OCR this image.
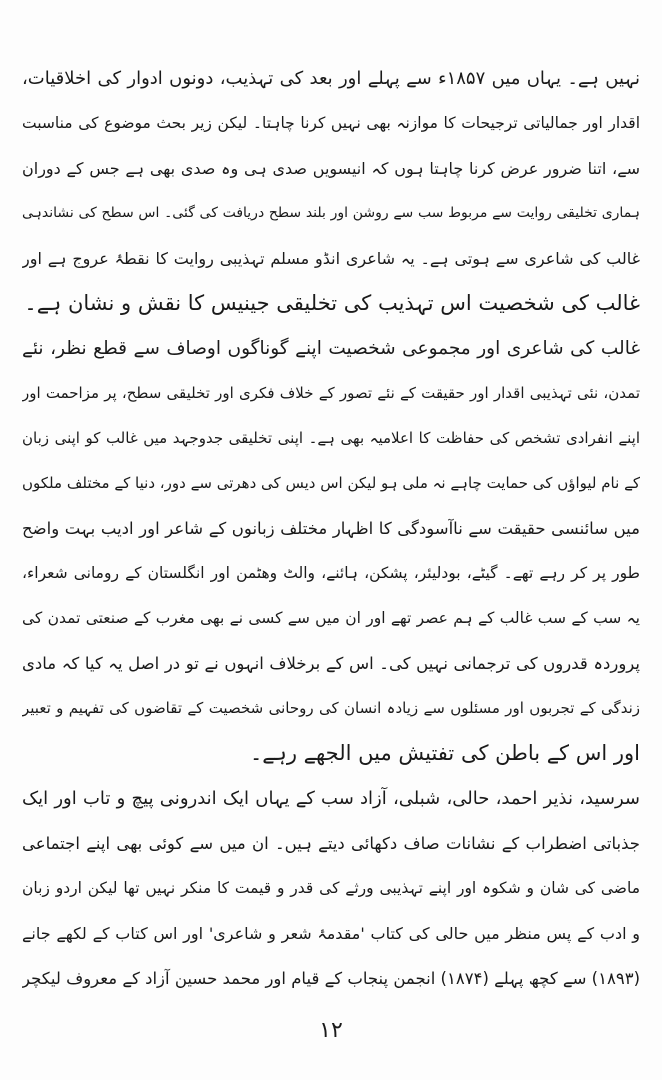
نہیں ہے۔ یہاں میں ۱۸۵۷ء سے پہلے اور بعد کی تہذیب، دونوں ادوار کی اخلاقیات،
اقدار اور جمالیاتی ترجیحات کا موازنہ بھی نہیں کرنا چاہتا۔ لیکن زیر بحث موضوع کی مناسبت
سے، اتنا ضرور عرض کرنا چاہتا ہوں کہ انیسویں صدی ہی وہ صدی بھی ہے جس کے دوران
ہماری تخلیقی روایت سے مربوط سب سے روشن اور بلند سطح دریافت کی گئی۔ اس سطح کی نشاندہی
غالب کی شاعری سے ہوتی ہے۔ یہ شاعری انڈو مسلم تہذیبی روایت کا نقطۂ عروج ہے اور
غالب کی شخصیت اس تہذیب کی تخلیقی جینیس کا نقش و نشان ہے۔
غالب کی شاعری اور مجموعی شخصیت اپنے گوناگوں اوصاف سے قطع نظر، نئے
تمدن، نئی تہذیبی اقدار اور حقیقت کے نئے تصور کے خلاف فکری اور تخلیقی سطح، پر مزاحمت اور
اپنے انفرادی تشخص کی حفاظت کا اعلامیہ بھی ہے۔ اپنی تخلیقی جدوجہد میں غالب کو اپنی زبان
کے نام لیواؤں کی حمایت چاہے نہ ملی ہو لیکن اس دیس کی دھرتی سے دور، دنیا کے مختلف ملکوں
میں سائنسی حقیقت سے ناآسودگی کا اظہار مختلف زبانوں کے شاعر اور ادیب بہت واضح
طور پر کر رہے تھے۔ گیٹے، بودلیئر، پشکن، ہائنے، والٹ وھٹمن اور انگلستان کے رومانی شعراء،
یہ سب کے سب غالب کے ہم عصر تھے اور ان میں سے کسی نے بھی مغرب کے صنعتی تمدن کی
پروردہ قدروں کی ترجمانی نہیں کی۔ اس کے برخلاف انہوں نے تو در اصل یہ کیا کہ مادی
زندگی کے تجربوں اور مسئلوں سے زیادہ انسان کی روحانی شخصیت کے تقاضوں کی تفہیم و تعبیر
اور اس کے باطن کی تفتیش میں الجھے رہے۔
سرسید، نذیر احمد، حالی، شبلی، آزاد سب کے یہاں ایک اندرونی پیچ و تاب اور ایک
جذباتی اضطراب کے نشانات صاف دکھائی دیتے ہیں۔ ان میں سے کوئی بھی اپنے اجتماعی
ماضی کی شان و شکوہ اور اپنے تہذیبی ورثے کی قدر و قیمت کا منکر نہیں تھا لیکن اردو زبان
و ادب کے پس منظر میں حالی کی کتاب 'مقدمۂ شعر و شاعری' اور اس کتاب کے لکھے جانے
(۱۸۹۳) سے کچھ پہلے (۱۸۷۴) انجمن پنجاب کے قیام اور محمد حسین آزاد کے معروف لیکچر
۱۲
